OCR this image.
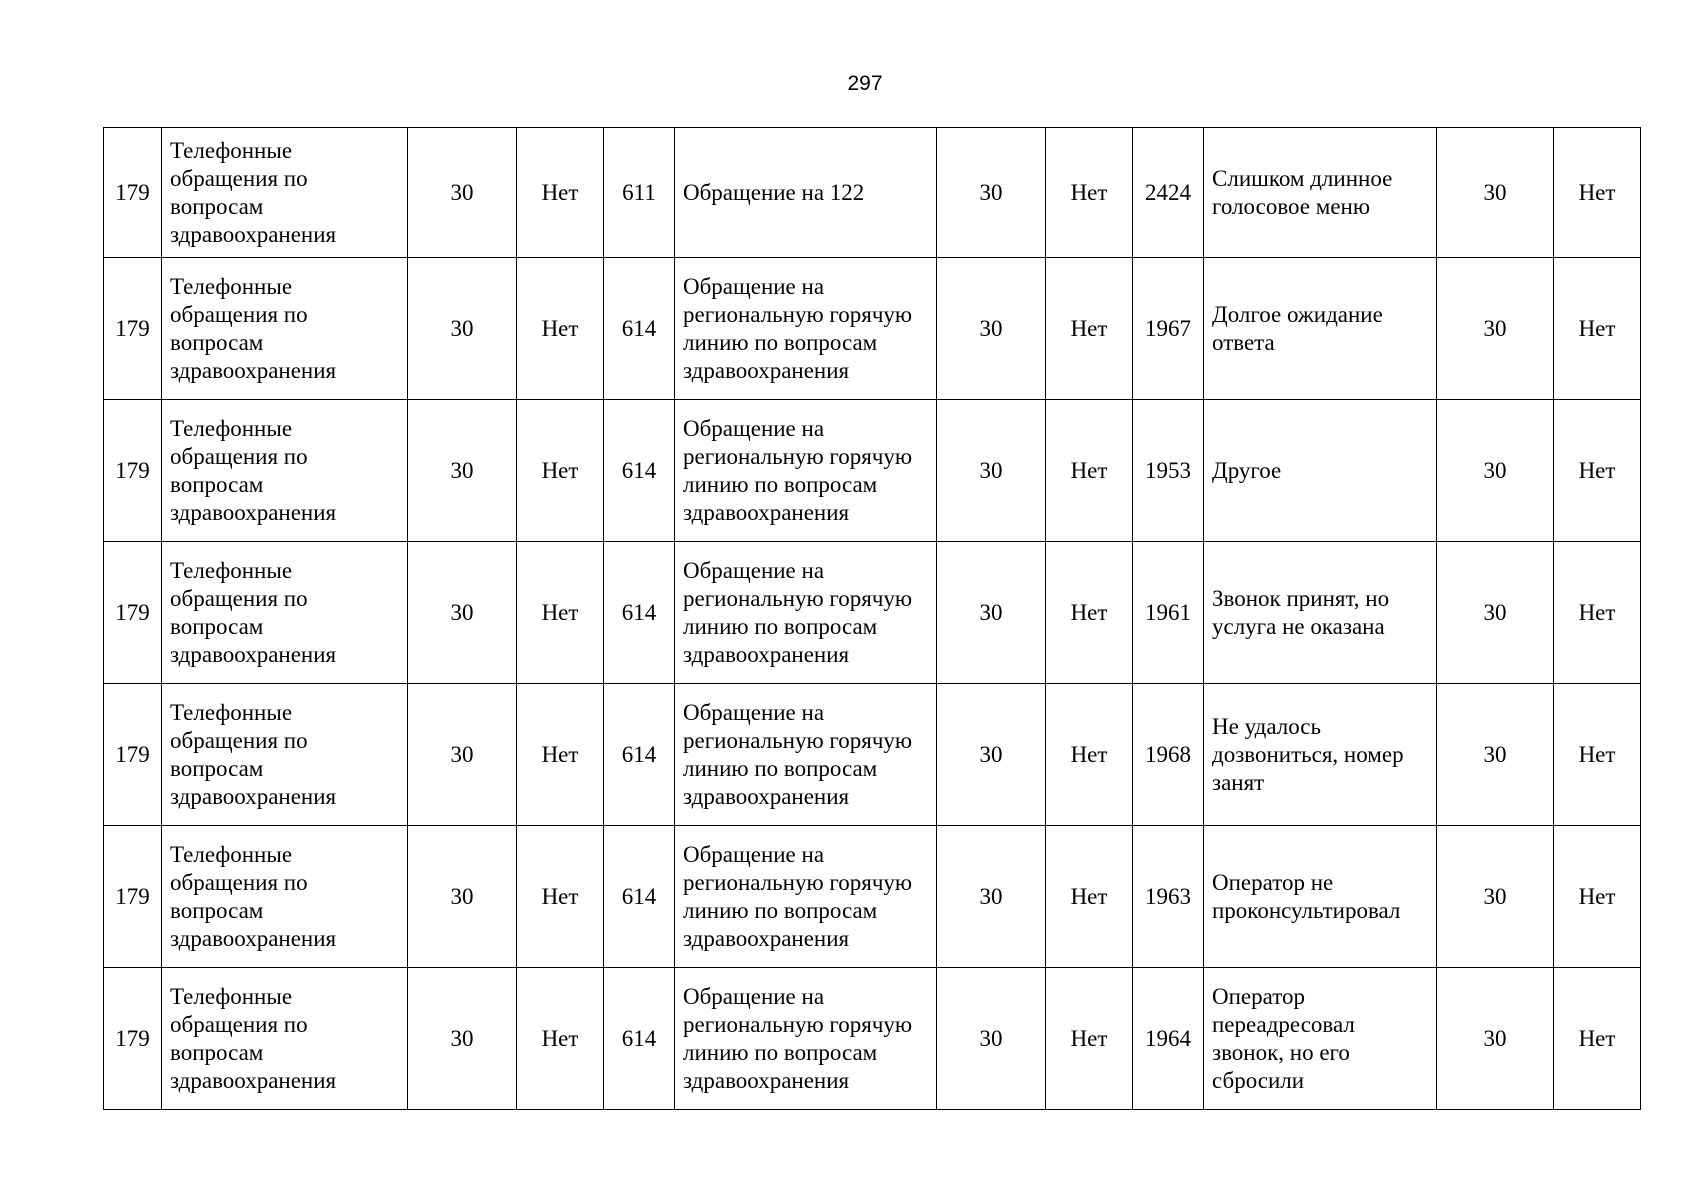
297
179	Телефонные обращения по вопросам здравоохранения	30	Нет	611	Обращение на 122	30	Нет	2424	Слишком длинное голосовое меню	30	Нет
179	Телефонные обращения по вопросам здравоохранения	30	Нет	614	Обращение на региональную горячую линию по вопросам здравоохранения	30	Нет	1967	Долгое ожидание ответа	30	Нет
179	Телефонные обращения по вопросам здравоохранения	30	Нет	614	Обращение на региональную горячую линию по вопросам здравоохранения	30	Нет	1953	Другое	30	Нет
179	Телефонные обращения по вопросам здравоохранения	30	Нет	614	Обращение на региональную горячую линию по вопросам здравоохранения	30	Нет	1961	Звонок принят, но услуга не оказана	30	Нет
179	Телефонные обращения по вопросам здравоохранения	30	Нет	614	Обращение на региональную горячую линию по вопросам здравоохранения	30	Нет	1968	Не удалось дозвониться, номер занят	30	Нет
179	Телефонные обращения по вопросам здравоохранения	30	Нет	614	Обращение на региональную горячую линию по вопросам здравоохранения	30	Нет	1963	Оператор не проконсультировал	30	Нет
179	Телефонные обращения по вопросам здравоохранения	30	Нет	614	Обращение на региональную горячую линию по вопросам здравоохранения	30	Нет	1964	Оператор переадресовал звонок, но его сбросили	30	Нет
